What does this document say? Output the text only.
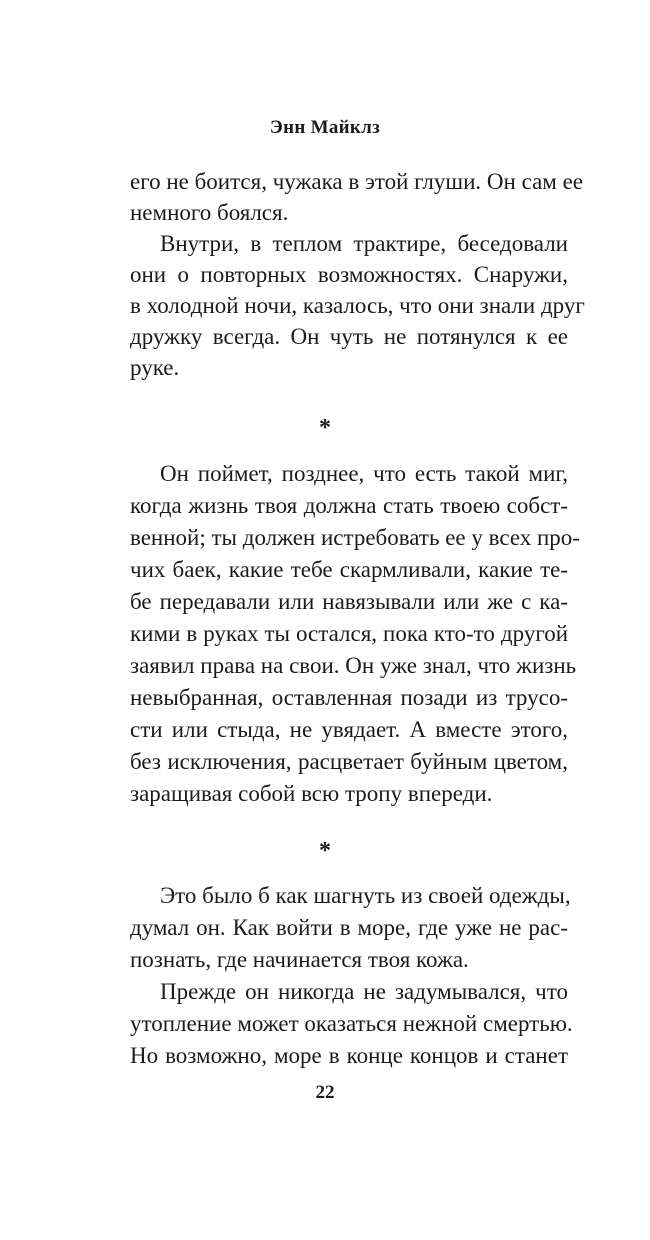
Энн Майклз
его не боится, чужака в этой глуши. Он сам ее
немного боялся.
Внутри, в теплом трактире, беседовали
они о повторных возможностях. Снаружи,
в холодной ночи, казалось, что они знали друг
дружку всегда. Он чуть не потянулся к ее
руке.
*
Он поймет, позднее, что есть такой миг,
когда жизнь твоя должна стать твоею собст-
венной; ты должен истребовать ее у всех про-
чих баек, какие тебе скармливали, какие те-
бе передавали или навязывали или же с ка-
кими в руках ты остался, пока кто-то другой
заявил права на свои. Он уже знал, что жизнь
невыбранная, оставленная позади из трусо-
сти или стыда, не увядает. А вместе этого,
без исключения, расцветает буйным цветом,
заращивая собой всю тропу впереди.
*
Это было б как шагнуть из своей одежды,
думал он. Как войти в море, где уже не рас-
познать, где начинается твоя кожа.
Прежде он никогда не задумывался, что
утопление может оказаться нежной смертью.
Но возможно, море в конце концов и станет
22
